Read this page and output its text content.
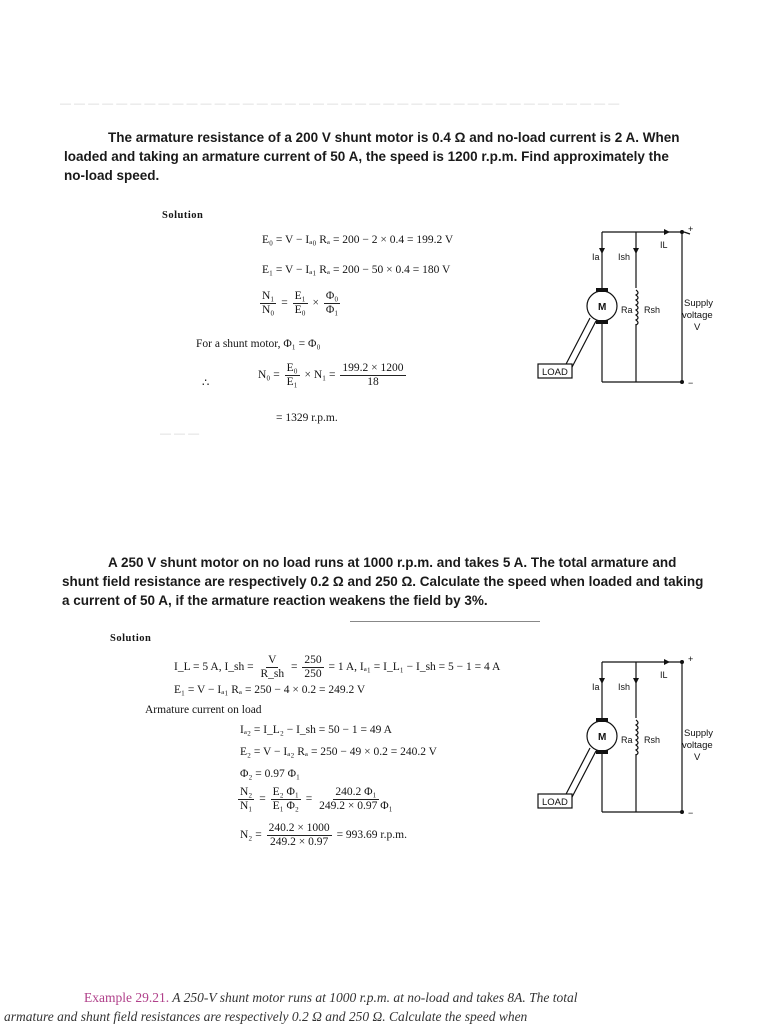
— — — — — — — — — — — — — — — — — — — — — — — — — — — — — — — — — — — — — — — —

The armature resistance of a 200 V shunt motor is 0.4 Ω and no-load current is 2 A. When

loaded and taking an armature current of 50 A, the speed is 1200 r.p.m. Find approximately the

no-load speed.

Solution
E₀ = V − Iₐ₀ Rₐ = 200 − 2 × 0.4 = 199.2 V
E₁ = V − Iₐ₁ Rₐ = 200 − 50 × 0.4 = 180 V
$\frac{\text{N₁}}{\text{N₀}} = \frac{\text{E₁}}{\text{E₀}} \times \frac{\text{Φ₀}}{\text{Φ₁}}$
For a shunt motor, Φ₁ = Φ₀
∴
$N_0 = \frac{\text{E₀}}{\text{E₁}} \times N_1 = \frac{199.2 \times 1200}{18}$
= 1329 r.p.m.
Ia Ish
IL
M Ra Rsh
+
−
Supply
voltage
V
LOAD
— — —

A 250 V shunt motor on no load runs at 1000 r.p.m. and takes 5 A. The total armature and

shunt field resistance are respectively 0.2 Ω and 250 Ω. Calculate the speed when loaded and taking

a current of 50 A, if the armature reaction weakens the field by 3%.

Solution
I_L = 5 A, I_sh = $\frac{V}{R\_sh} = \frac{250}{250} = 1$ A, Iₐ₁ = I_L₁ − I_sh = 5 − 1 = 4 A
E₁ = V − Iₐ₁ Rₐ = 250 − 4 × 0.2 = 249.2 V
Armature current on load
Iₐ₂ = I_L₂ − I_sh = 50 − 1 = 49 A
E₂ = V − Iₐ₂ Rₐ = 250 − 49 × 0.2 = 240.2 V
Φ₂ = 0.97 Φ₁
$\frac{\text{N₂}}{\text{N₁}} = \frac{\text{E₂ Φ₁}}{\text{E₁ Φ₂}} = \frac{\text{240.2 Φ₁}}{\text{249.2 × 0.97 Φ₁}}$
$N_2 = \frac{240.2 \times 1000}{249.2 \times 0.97} = 993.69$ r.p.m.
Ia Ish
IL
M Ra Rsh
+
−
Supply
voltage
V
LOAD
Example 29.21. A 250-V shunt motor runs at 1000 r.p.m. at no-load and takes 8A. The total
armature and shunt field resistances are respectively 0.2 Ω and 250 Ω. Calculate the speed when
